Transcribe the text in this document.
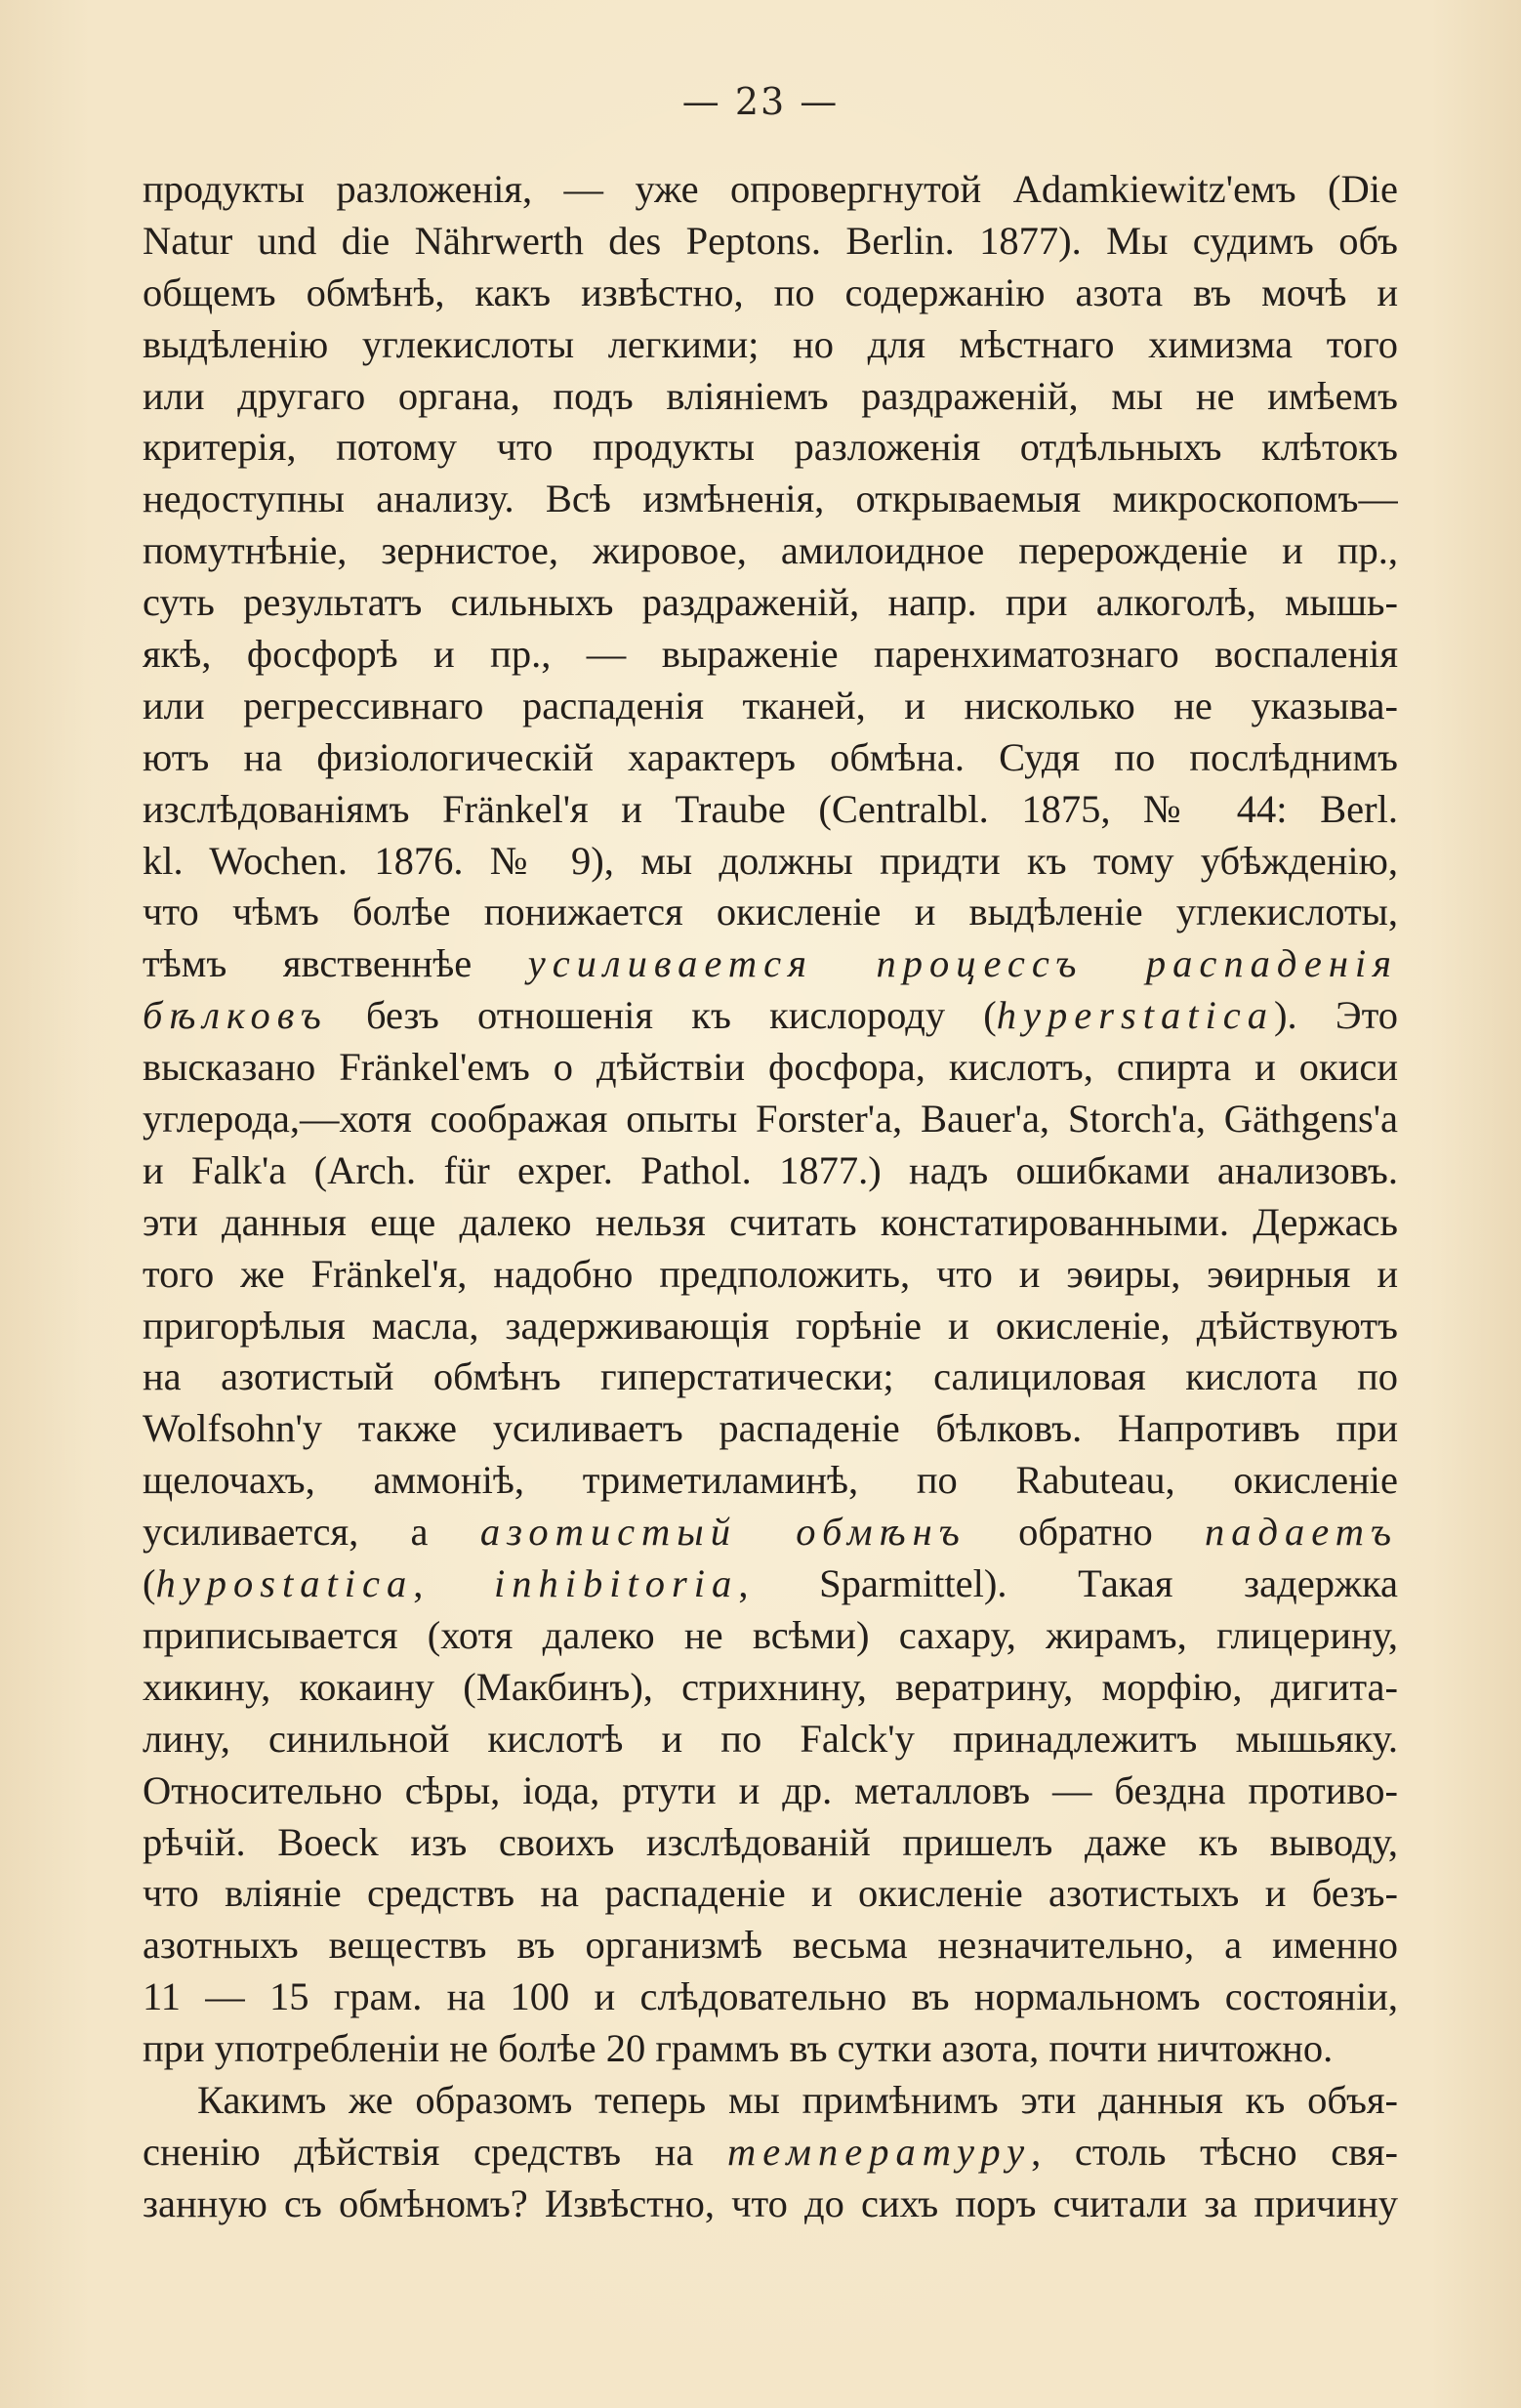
— 23 —
продукты разложенія, — уже опровергнутой Adamkiewitz'емъ (Die
Natur und die Nährwerth des Peptons. Berlin. 1877). Мы судимъ объ
общемъ обмѣнѣ, какъ извѣстно, по содержанію азота въ мочѣ и
выдѣленію углекислоты легкими; но для мѣстнаго химизма того
или другаго органа, подъ вліяніемъ раздраженій, мы не имѣемъ
критерія, потому что продукты разложенія отдѣльныхъ клѣтокъ
недоступны анализу. Всѣ измѣненія, открываемыя микроскопомъ—
помутнѣніе, зернистое, жировое, амилоидное перерожденіе и пр.,
суть результатъ сильныхъ раздраженій, напр. при алкоголѣ, мышь-
якѣ, фосфорѣ и пр., — выраженіе паренхиматознаго воспаленія
или регрессивнаго распаденія тканей, и нисколько не указыва-
ютъ на физіологическій характеръ обмѣна. Судя по послѣднимъ
изслѣдованіямъ Fränkel'я и Traube (Centralbl. 1875, № 44: Berl.
kl. Wochen. 1876. № 9), мы должны придти къ тому убѣжденію,
что чѣмъ болѣе понижается окисленіе и выдѣленіе углекислоты,
тѣмъ явственнѣе усиливается процессъ распаденія
бѣлковъ безъ отношенія къ кислороду (hyperstatica). Это
высказано Fränkel'емъ о дѣйствіи фосфора, кислотъ, спирта и окиси
углерода,—хотя соображая опыты Forster'a, Bauer'a, Storch'a, Gäthgens'a
и Falk'a (Arch. für exper. Pathol. 1877.) надъ ошибками анализовъ.
эти данныя еще далеко нельзя считать констатированными. Держась
того же Fränkel'я, надобно предположить, что и эѳиры, эѳирныя и
пригорѣлыя масла, задерживающія горѣніе и окисленіе, дѣйствуютъ
на азотистый обмѣнъ гиперстатически; салициловая кислота по
Wolfsohn'у также усиливаетъ распаденіе бѣлковъ. Напротивъ при
щелочахъ, аммоніѣ, триметиламинѣ, по Rabuteau, окисленіе
усиливается, а азотистый обмѣнъ обратно падаетъ
(hypostatica, inhibitoria, Sparmittel). Такая задержка
приписывается (хотя далеко не всѣми) сахару, жирамъ, глицерину,
хикину, кокаину (Макбинъ), стрихнину, вератрину, морфію, дигита-
лину, синильной кислотѣ и по Falck'у принадлежитъ мышьяку.
Относительно сѣры, іода, ртути и др. металловъ — бездна противо-
рѣчій. Boeck изъ своихъ изслѣдованій пришелъ даже къ выводу,
что вліяніе средствъ на распаденіе и окисленіе азотистыхъ и безъ-
азотныхъ веществъ въ организмѣ весьма незначительно, а именно
11 — 15 грам. на 100 и слѣдовательно въ нормальномъ состояніи,
при употребленіи не болѣе 20 граммъ въ сутки азота, почти ничтожно.
Какимъ же образомъ теперь мы примѣнимъ эти данныя къ объя-
сненію дѣйствія средствъ на температуру, столь тѣсно свя-
занную съ обмѣномъ? Извѣстно, что до сихъ поръ считали за причину
